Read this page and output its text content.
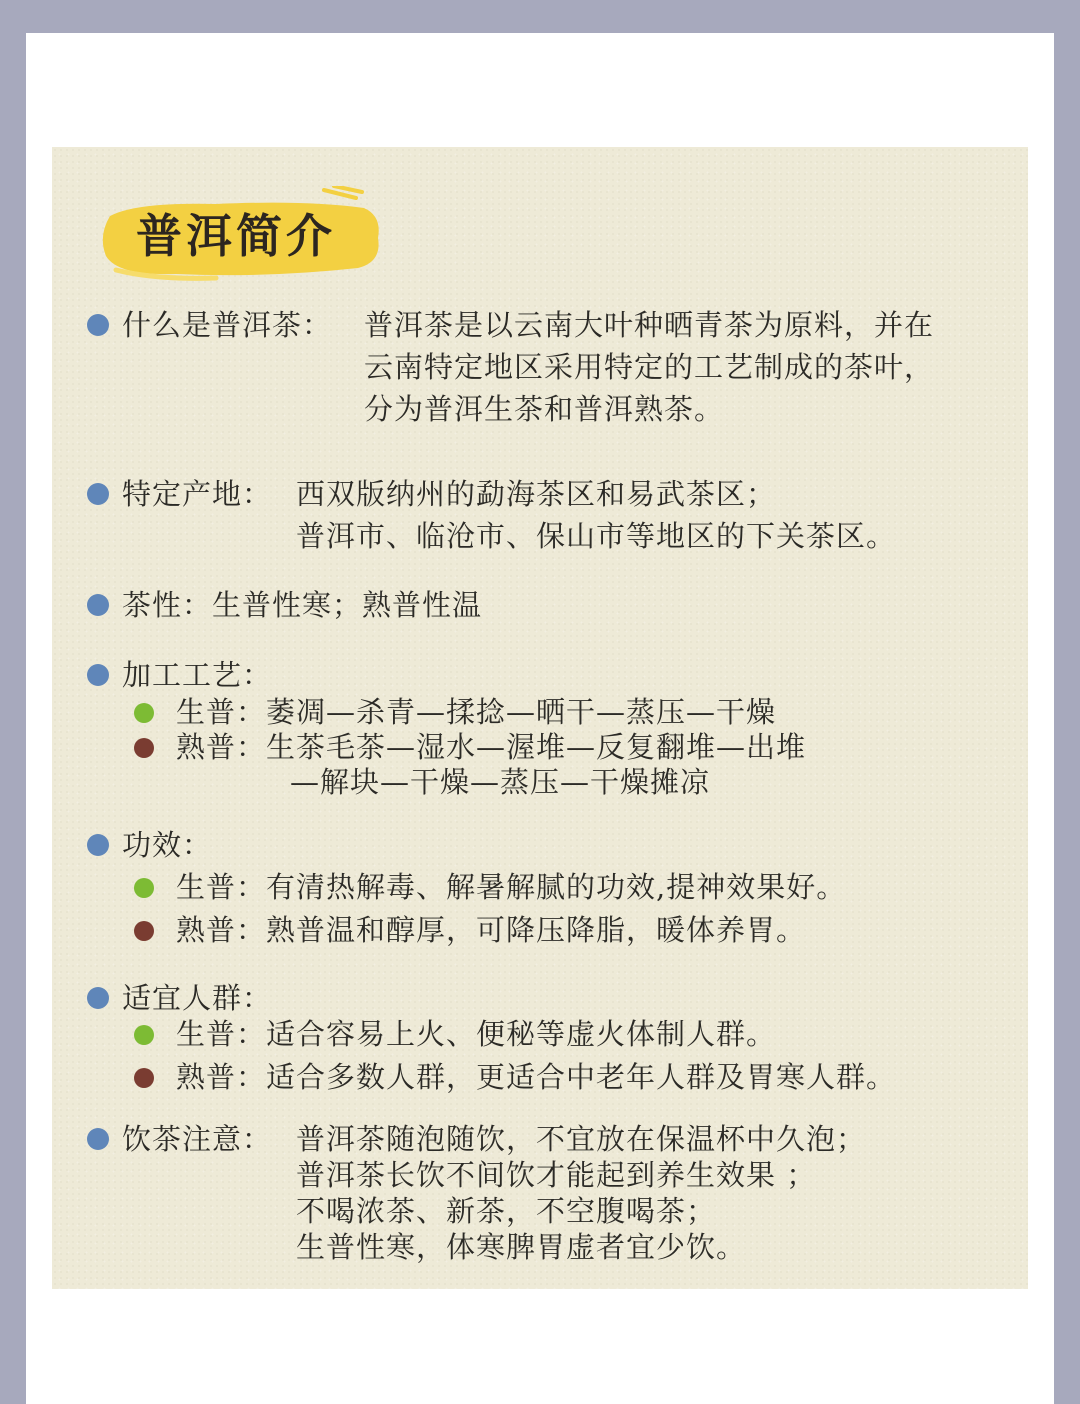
普洱简介
什么是普洱茶： 普洱茶是以云南大叶种晒青茶为原料，并在
云南特定地区采用特定的工艺制成的茶叶，
分为普洱生茶和普洱熟茶。
特定产地： 西双版纳州的勐海茶区和易武茶区；
普洱市、临沧市、保山市等地区的下关茶区。
茶性：生普性寒；熟普性温
加工工艺：
生普：萎凋—杀青—揉捻—晒干—蒸压—干燥
熟普：生茶毛茶—湿水—渥堆—反复翻堆—出堆
—解块—干燥—蒸压—干燥摊凉
功效：
生普：有清热解毒、解暑解腻的功效,提神效果好。
熟普：熟普温和醇厚，可降压降脂，暖体养胃。
适宜人群：
生普：适合容易上火、便秘等虚火体制人群。
熟普：适合多数人群，更适合中老年人群及胃寒人群。
饮茶注意： 普洱茶随泡随饮，不宜放在保温杯中久泡；
普洱茶长饮不间饮才能起到养生效果 ；
不喝浓茶、新茶，不空腹喝茶；
生普性寒，体寒脾胃虚者宜少饮。
